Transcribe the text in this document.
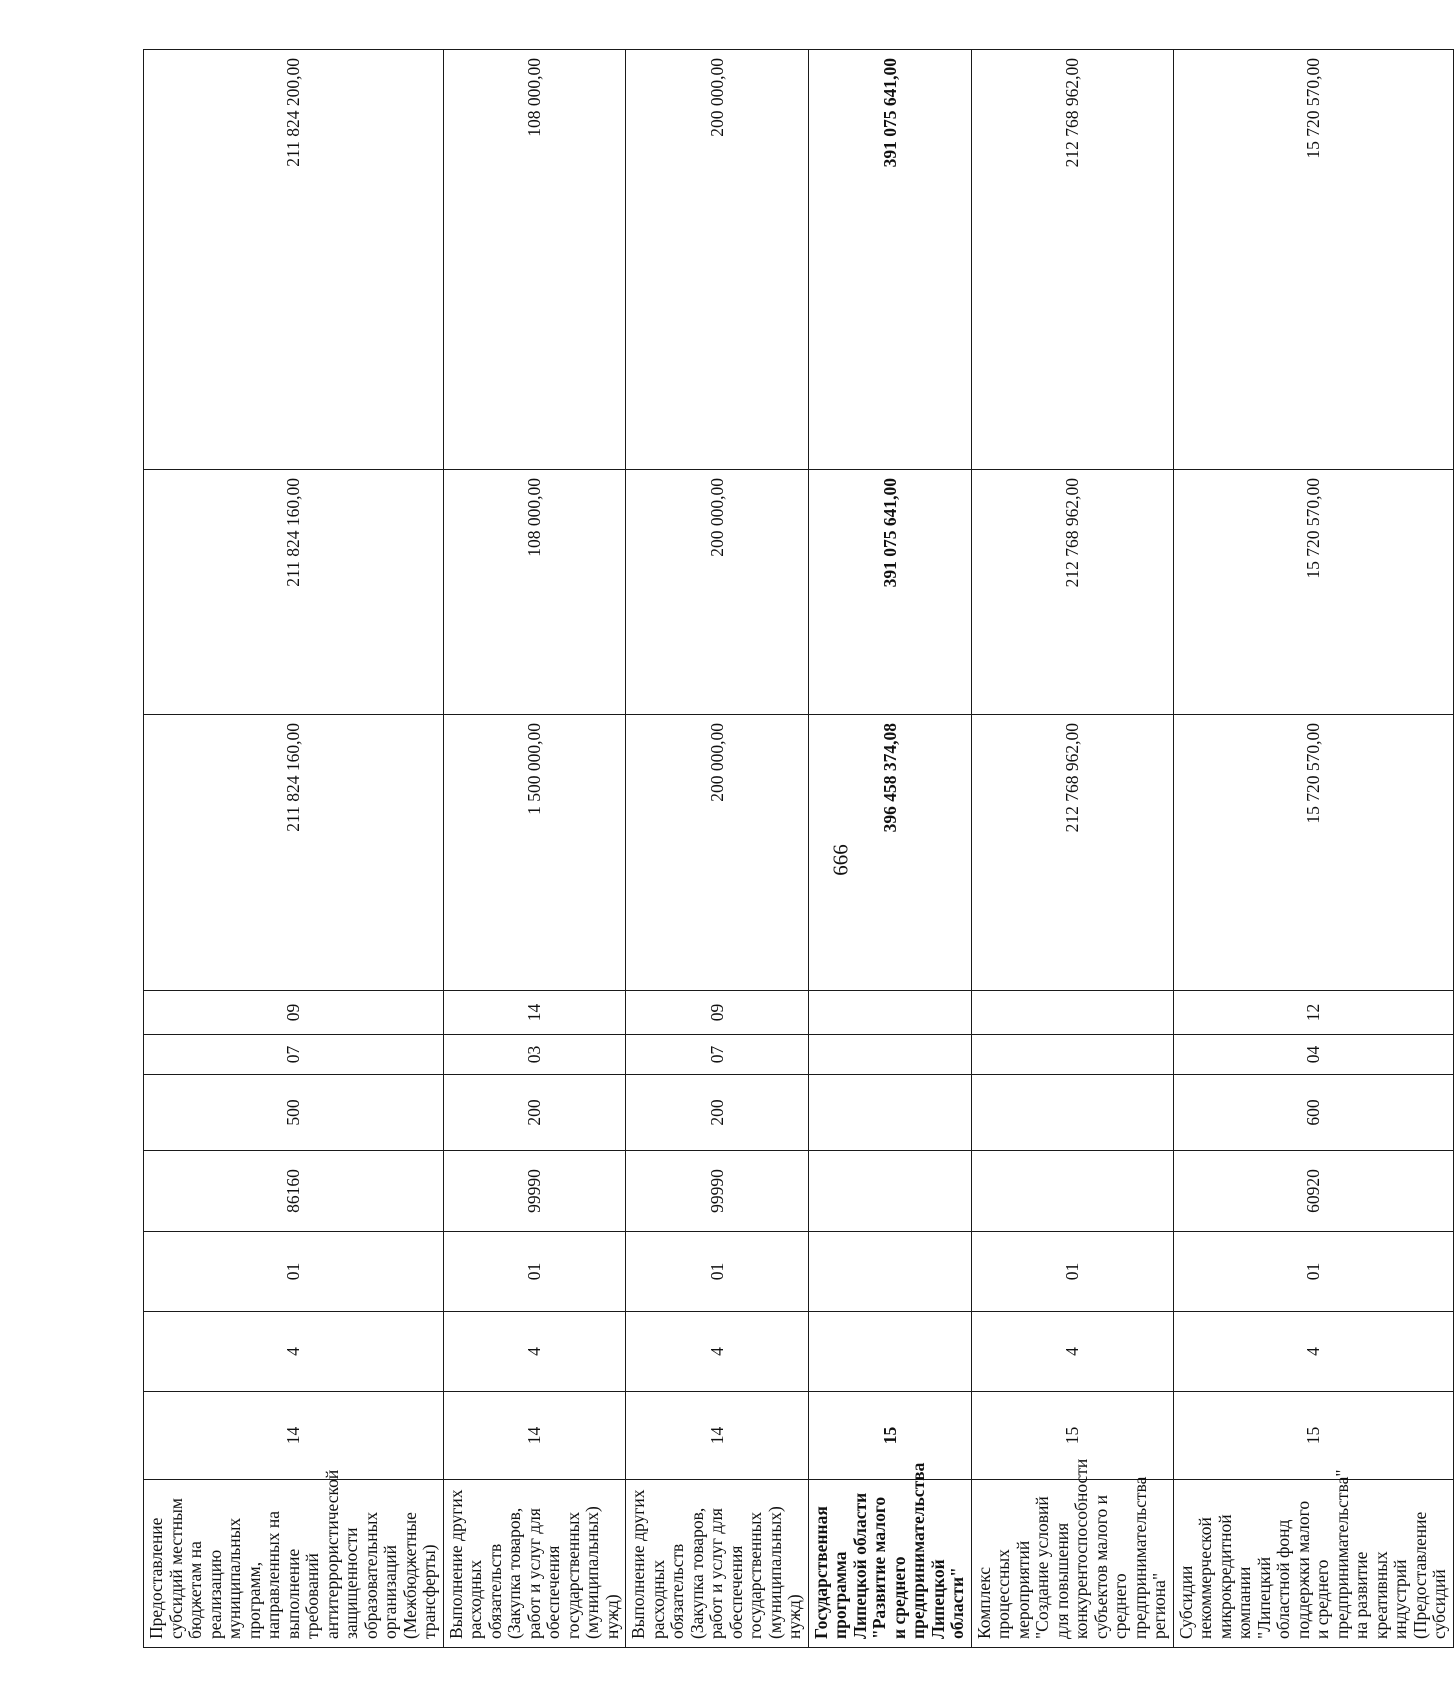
666
Предоставление субсидий местным бюджетам на реализацию муниципальных программ, направленных на выполнение требований антитеррористической защищенности образовательных организаций (Межбюджетные трансферты)	14	4	01	86160	500	07	09	211 824 160,00	211 824 160,00	211 824 200,00
Выполнение других расходных обязательств (Закупка товаров, работ и услуг для обеспечения государственных (муниципальных) нужд)	14	4	01	99990	200	03	14	1 500 000,00	108 000,00	108 000,00
Выполнение других расходных обязательств (Закупка товаров, работ и услуг для обеспечения государственных (муниципальных) нужд)	14	4	01	99990	200	07	09	200 000,00	200 000,00	200 000,00
Государственная программа Липецкой области "Развитие малого и среднего предпринимательства Липецкой области"	15							396 458 374,08	391 075 641,00	391 075 641,00
Комплекс процессных мероприятий "Создание условий для повышения конкурентоспособности субъектов малого и среднего предпринимательства региона"	15	4	01					212 768 962,00	212 768 962,00	212 768 962,00
Субсидии некоммерческой микрокредитной компании "Липецкий областной фонд поддержки малого и среднего предпринимательства" на развитие креативных индустрий (Предоставление субсидий	15	4	01	60920	600	04	12	15 720 570,00	15 720 570,00	15 720 570,00
